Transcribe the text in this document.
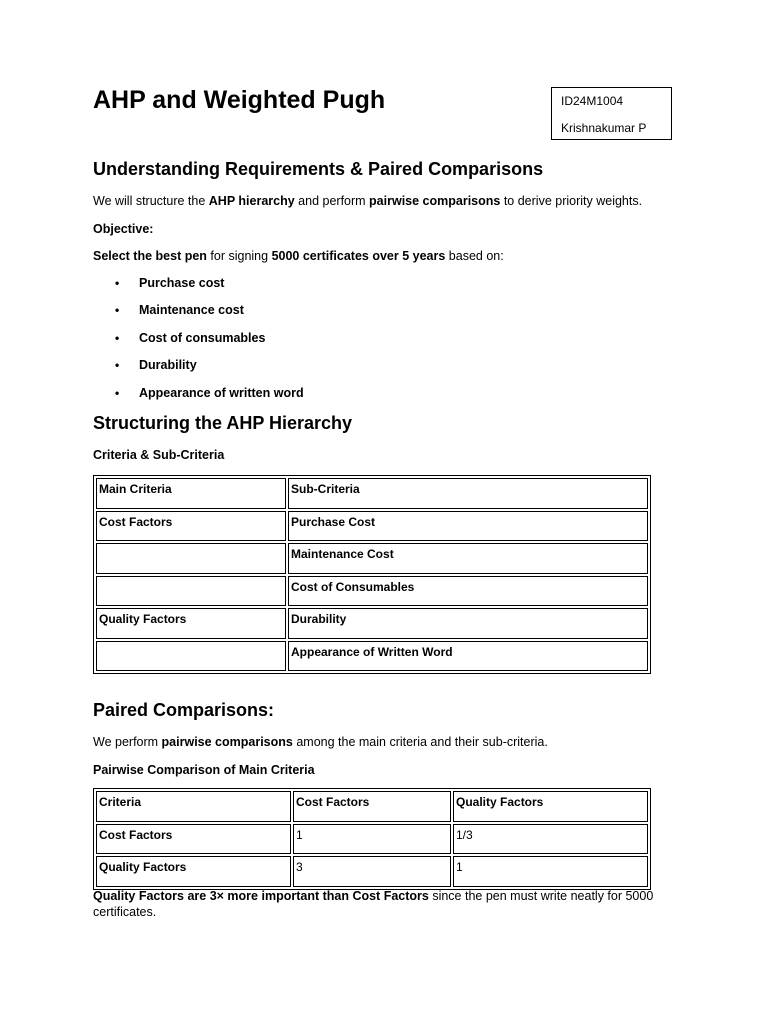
AHP and Weighted Pugh	ID24M1004
Krishnakumar P
Understanding Requirements & Paired Comparisons

We will structure the AHP hierarchy and perform pairwise comparisons to derive priority weights.

Objective:

Select the best pen for signing 5000 certificates over 5 years based on:

• Purchase cost
• Maintenance cost
• Cost of consumables
• Durability
• Appearance of written word
Structuring the AHP Hierarchy

Criteria & Sub-Criteria

Main Criteria	Sub-Criteria
Cost Factors	Purchase Cost
	Maintenance Cost
	Cost of Consumables
Quality Factors	Durability
	Appearance of Written Word
Paired Comparisons:

We perform pairwise comparisons among the main criteria and their sub-criteria.

Pairwise Comparison of Main Criteria

Criteria	Cost Factors	Quality Factors
Cost Factors	1	1/3
Quality Factors	3	1

Quality Factors are 3× more important than Cost Factors since the pen must write neatly for 5000 certificates.
